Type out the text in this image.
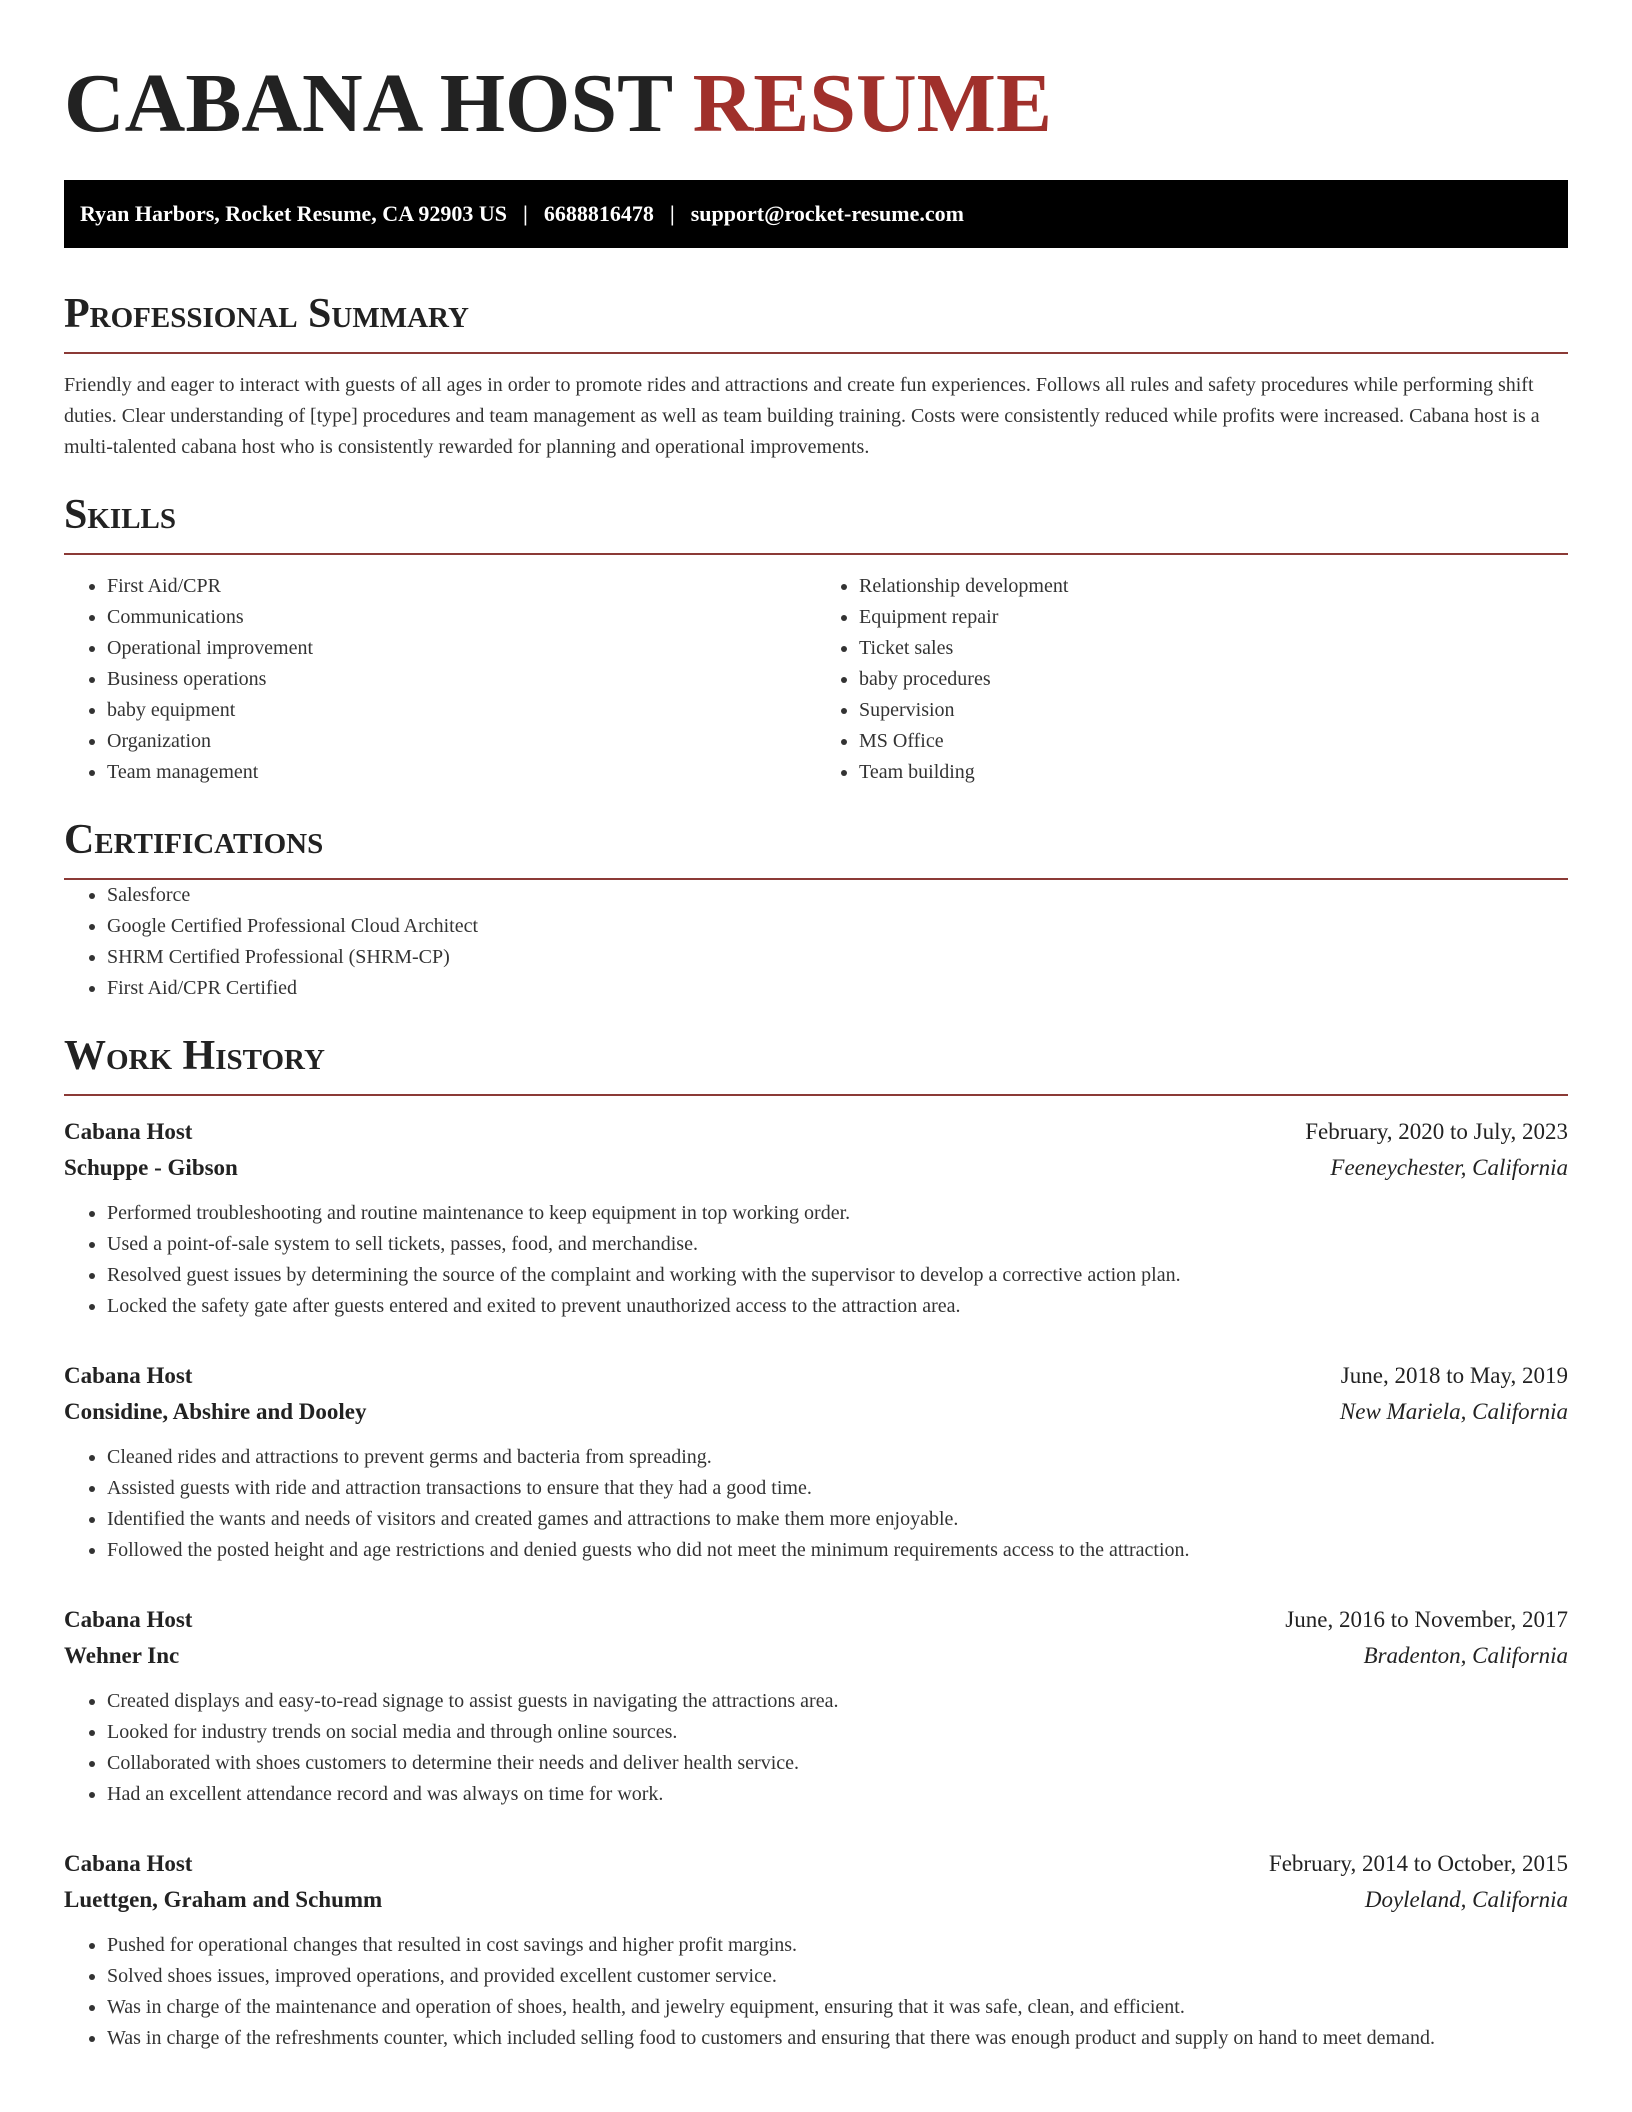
CABANA HOST RESUME
Ryan Harbors, Rocket Resume, CA 92903 US | 6688816478 | support@rocket-resume.com
Professional Summary

Friendly and eager to interact with guests of all ages in order to promote rides and attractions and create fun experiences. Follows all rules and safety procedures while performing shift duties. Clear understanding of [type] procedures and team management as well as team building training. Costs were consistently reduced while profits were increased. Cabana host is a multi-talented cabana host who is consistently rewarded for planning and operational improvements.

Skills
• First Aid/CPR
• Communications
• Operational improvement
• Business operations
• baby equipment
• Organization
• Team management
• Relationship development
• Equipment repair
• Ticket sales
• baby procedures
• Supervision
• MS Office
• Team building
Certifications
• Salesforce
• Google Certified Professional Cloud Architect
• SHRM Certified Professional (SHRM-CP)
• First Aid/CPR Certified
Work History
Cabana Host	February, 2020 to July, 2023
Schuppe - Gibson	Feeneychester, California
• Performed troubleshooting and routine maintenance to keep equipment in top working order.
• Used a point-of-sale system to sell tickets, passes, food, and merchandise.
• Resolved guest issues by determining the source of the complaint and working with the supervisor to develop a corrective action plan.
• Locked the safety gate after guests entered and exited to prevent unauthorized access to the attraction area.
Cabana Host	June, 2018 to May, 2019
Considine, Abshire and Dooley	New Mariela, California
• Cleaned rides and attractions to prevent germs and bacteria from spreading.
• Assisted guests with ride and attraction transactions to ensure that they had a good time.
• Identified the wants and needs of visitors and created games and attractions to make them more enjoyable.
• Followed the posted height and age restrictions and denied guests who did not meet the minimum requirements access to the attraction.
Cabana Host	June, 2016 to November, 2017
Wehner Inc	Bradenton, California
• Created displays and easy-to-read signage to assist guests in navigating the attractions area.
• Looked for industry trends on social media and through online sources.
• Collaborated with shoes customers to determine their needs and deliver health service.
• Had an excellent attendance record and was always on time for work.
Cabana Host	February, 2014 to October, 2015
Luettgen, Graham and Schumm	Doyleland, California
• Pushed for operational changes that resulted in cost savings and higher profit margins.
• Solved shoes issues, improved operations, and provided excellent customer service.
• Was in charge of the maintenance and operation of shoes, health, and jewelry equipment, ensuring that it was safe, clean, and efficient.
• Was in charge of the refreshments counter, which included selling food to customers and ensuring that there was enough product and supply on hand to meet demand.
